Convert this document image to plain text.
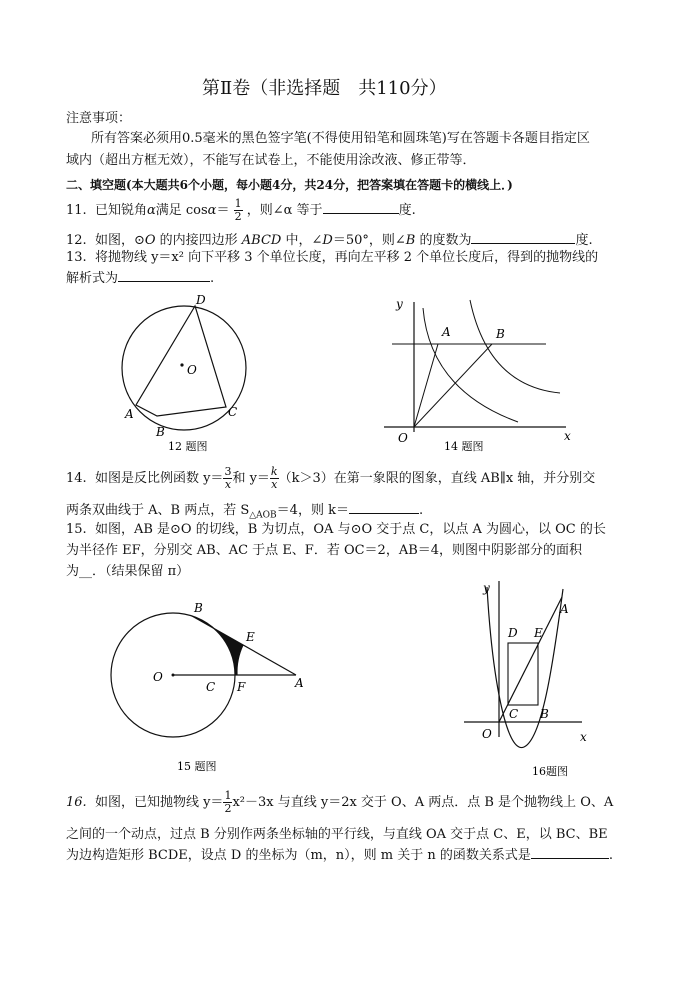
第Ⅱ卷（非选择题　共110分）
注意事项：
所有答案必须用0.5毫米的黑色签字笔(不得使用铅笔和圆珠笔)写在答题卡各题目指定区
域内（超出方框无效），不能写在试卷上，不能使用涂改液、修正带等．
二、填空题(本大题共6个小题，每小题4分，共24分，把答案填在答题卡的横线上．)
11. 已知锐角α满足 $\cos\alpha= \frac{1}{2}$ ，则∠α 等于	度.
12. 如图，⊙O 的内接四边形 ABCD 中，∠D＝50°，则∠B 的度数为	度.
13. 将抛物线 y＝x² 向下平移 3 个单位长度，再向左平移 2 个单位长度后，得到的抛物线的
解析式为	.
D
O
A
B
C
12 题图
y
A	B
O	x
14 题图
14. 如图是反比例函数 $y= \frac{3}{x}$ 和 $y= \frac{k}{x} (k>3)$在第一象限的图象，直线 AB∥x 轴，并分别交
两条双曲线于 A、B 两点，若 $S_{\triangle AOB}=4$，则 k＝	.
15. 如图，AB 是⊙O 的切线，B 为切点，OA 与⊙O 交于点 C，以点 A 为圆心，以 OC 的长
为半径作 EF，分别交 AB、AC 于点 E、F．若 OC＝2，AB＝4，则图中阴影部分的面积
为__．（结果保留 π）
B
E
O
C F	A
15 题图
y
A
D E
C B
O	x
16题图
16. 如图，已知抛物线 $y= \frac{1}{2} x^2-3x$ 与直线 y＝2x 交于 O、A 两点．点 B 是个抛物线上 O、A
之间的一个动点，过点 B 分别作两条坐标轴的平行线，与直线 OA 交于点 C、E，以 BC、BE
为边构造矩形 BCDE，设点 D 的坐标为（m，n），则 m 关于 n 的函数关系式是	.
